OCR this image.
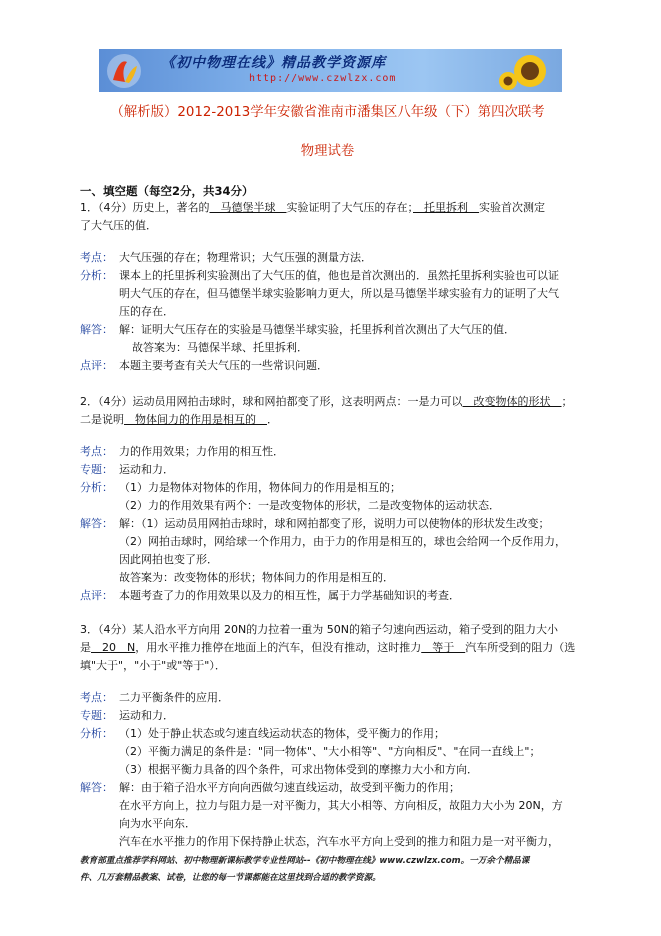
《初中物理在线》精品教学资源库
http://www.czwlzx.com
（解析版）2012-2013学年安徽省淮南市潘集区八年级（下）第四次联考
物理试卷
一、填空题（每空2分，共34分）
1．（4分）历史上，著名的　马德堡半球　实验证明了大气压的存在；　托里拆利　实验首次测定
了大气压的值．
考点： 大气压强的存在；物理常识；大气压强的测量方法．
分析： 课本上的托里拆利实验测出了大气压的值，他也是首次测出的．虽然托里拆利实验也可以证
明大气压的存在，但马德堡半球实验影响力更大，所以是马德堡半球实验有力的证明了大气
压的存在．
解答： 解：证明大气压存在的实验是马德堡半球实验，托里拆利首次测出了大气压的值．
故答案为：马德保半球、托里拆利．
点评： 本题主要考查有关大气压的一些常识问题．
2．（4分）运动员用网拍击球时，球和网拍都变了形，这表明两点：一是力可以　改变物体的形状　；
二是说明　物体间力的作用是相互的　．
考点： 力的作用效果；力作用的相互性．
专题： 运动和力．
分析： （1）力是物体对物体的作用，物体间力的作用是相互的；
（2）力的作用效果有两个：一是改变物体的形状，二是改变物体的运动状态．
解答： 解：（1）运动员用网拍击球时，球和网拍都变了形，说明力可以使物体的形状发生改变；
（2）网拍击球时，网给球一个作用力，由于力的作用是相互的，球也会给网一个反作用力，
因此网拍也变了形．
故答案为：改变物体的形状；物体间力的作用是相互的．
点评： 本题考查了力的作用效果以及力的相互性，属于力学基础知识的考查．
3．（4分）某人沿水平方向用 20N的力拉着一重为 50N的箱子匀速向西运动，箱子受到的阻力大小
是　20　N，用水平推力推停在地面上的汽车，但没有推动，这时推力　等于　汽车所受到的阻力（选
填"大于"，"小于"或"等于"）．
考点： 二力平衡条件的应用．
专题： 运动和力．
分析： （1）处于静止状态或匀速直线运动状态的物体，受平衡力的作用；
（2）平衡力满足的条件是："同一物体"、"大小相等"、"方向相反"、"在同一直线上"；
（3）根据平衡力具备的四个条件，可求出物体受到的摩擦力大小和方向．
解答： 解：由于箱子沿水平方向向西做匀速直线运动，故受到平衡力的作用；
在水平方向上，拉力与阻力是一对平衡力，其大小相等、方向相反，故阻力大小为 20N，方
向为水平向东．
汽车在水平推力的作用下保持静止状态，汽车水平方向上受到的推力和阻力是一对平衡力，
教育部重点推荐学科网站、初中物理新课标教学专业性网站--《初中物理在线》www.czwlzx.com。一万余个精品课
件、几万套精品教案、试卷，让您的每一节课都能在这里找到合适的教学资源。
